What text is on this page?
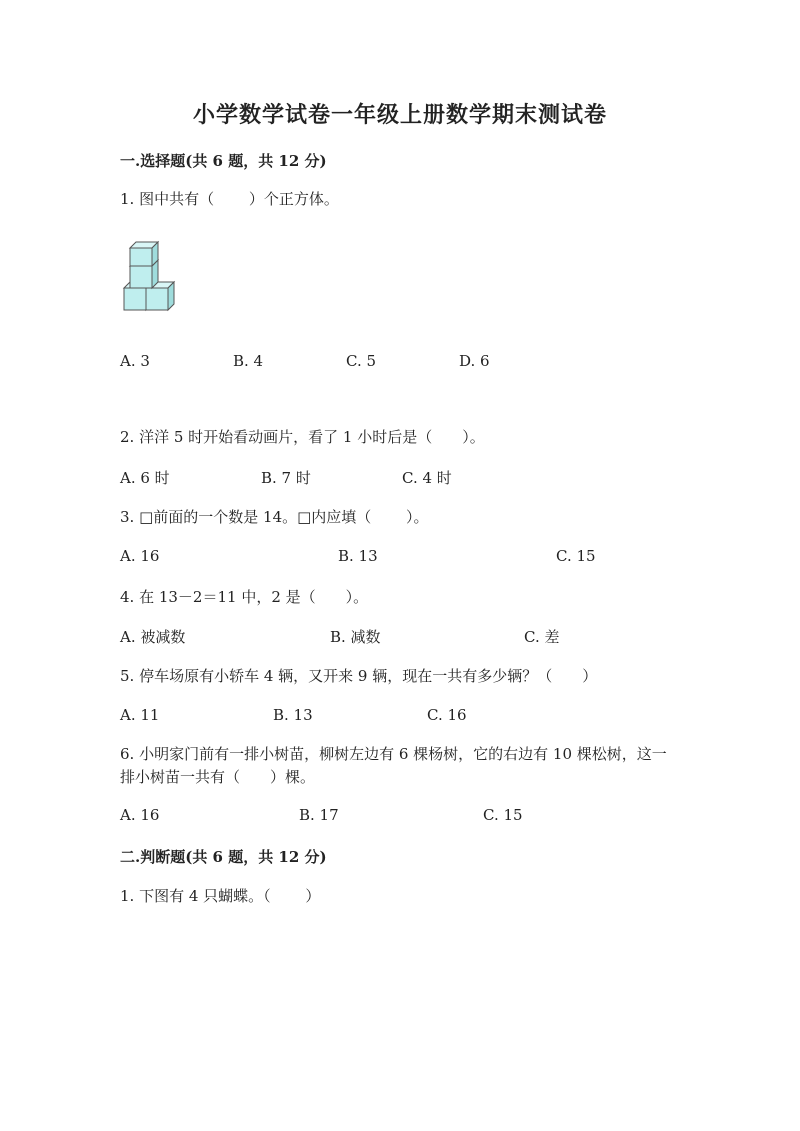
小学数学试卷一年级上册数学期末测试卷
一.选择题(共 6 题，共 12 分)
1. 图中共有（　　 ）个正方体。
A. 3	B. 4	C. 5	D. 6
2. 洋洋 5 时开始看动画片，看了 1 小时后是（　　）。
A. 6 时	B. 7 时	C. 4 时
3. □前面的一个数是 14。□内应填（　　 ）。
A. 16	B. 13	C. 15
4. 在 13－2＝11 中，2 是（　　）。
A. 被减数	B. 减数	C. 差
5. 停车场原有小轿车 4 辆，又开来 9 辆，现在一共有多少辆？（　　）
A. 11	B. 13	C. 16
6. 小明家门前有一排小树苗，柳树左边有 6 棵杨树，它的右边有 10 棵松树，这一排小树苗一共有（　　）棵。
A. 16	B. 17	C. 15
二.判断题(共 6 题，共 12 分)
1. 下图有 4 只蝴蝶。（　　 ）
